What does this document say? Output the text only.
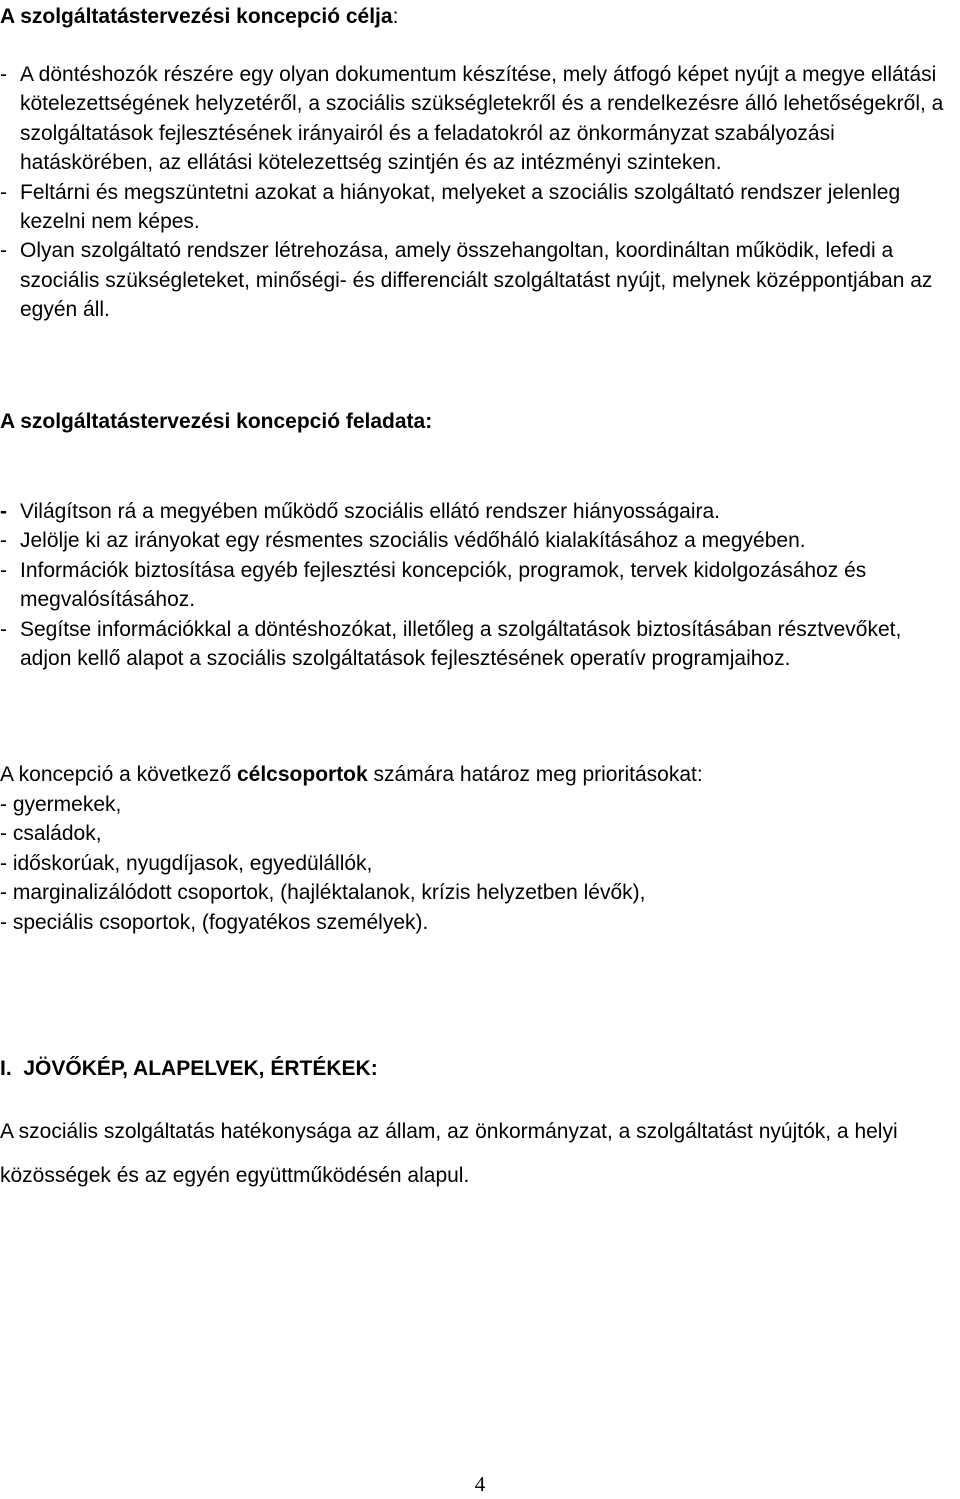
A szolgáltatástervezési koncepció célja:
- A döntéshozók részére egy olyan dokumentum készítése, mely átfogó képet nyújt a megye ellátási kötelezettségének helyzetéről, a szociális szükségletekről és a rendelkezésre álló lehetőségekről, a szolgáltatások fejlesztésének irányairól és a feladatokról az önkormányzat szabályozási hatáskörében, az ellátási kötelezettség szintjén és az intézményi szinteken.
- Feltárni és megszüntetni azokat a hiányokat, melyeket a szociális szolgáltató rendszer jelenleg kezelni nem képes.
- Olyan szolgáltató rendszer létrehozása, amely összehangoltan, koordináltan működik, lefedi a szociális szükségleteket, minőségi- és differenciált szolgáltatást nyújt, melynek középpontjában az egyén áll.
A szolgáltatástervezési koncepció feladata:
- Világítson rá a megyében működő szociális ellátó rendszer hiányosságaira.
- Jelölje ki az irányokat egy résmentes szociális védőháló kialakításához a megyében.
- Információk biztosítása egyéb fejlesztési koncepciók, programok, tervek kidolgozásához és megvalósításához.
- Segítse információkkal a döntéshozókat, illetőleg a szolgáltatások biztosításában résztvevőket, adjon kellő alapot a szociális szolgáltatások fejlesztésének operatív programjaihoz.

A koncepció a következő célcsoportok számára határoz meg prioritásokat:

- gyermekek,
- családok,
- időskorúak, nyugdíjasok, egyedülállók,
- marginalizálódott csoportok, (hajléktalanok, krízis helyzetben lévők),
- speciális csoportok, (fogyatékos személyek).
I.  JÖVŐKÉP, ALAPELVEK, ÉRTÉKEK:

A szociális szolgáltatás hatékonysága az állam, az önkormányzat, a szolgáltatást nyújtók, a helyi közösségek és az egyén együttműködésén alapul.

4
